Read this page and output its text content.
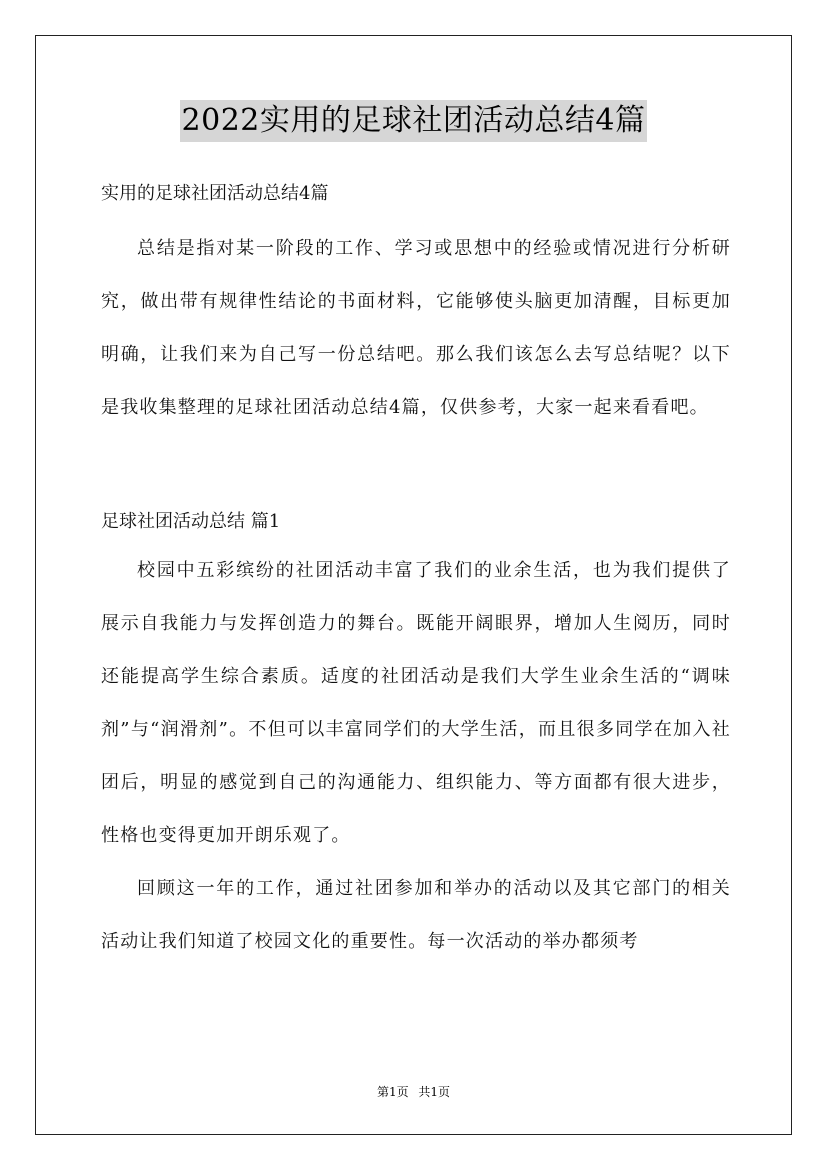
2022实用的足球社团活动总结4篇

实用的足球社团活动总结4篇

总结是指对某一阶段的工作、学习或思想中的经验或情况进行分析研究，做出带有规律性结论的书面材料，它能够使头脑更加清醒，目标更加明确，让我们来为自己写一份总结吧。那么我们该怎么去写总结呢？以下是我收集整理的足球社团活动总结4篇，仅供参考，大家一起来看看吧。

足球社团活动总结 篇1

校园中五彩缤纷的社团活动丰富了我们的业余生活，也为我们提供了展示自我能力与发挥创造力的舞台。既能开阔眼界，增加人生阅历，同时还能提高学生综合素质。适度的社团活动是我们大学生业余生活的“调味剂”与“润滑剂”。不但可以丰富同学们的大学生活，而且很多同学在加入社团后，明显的感觉到自己的沟通能力、组织能力、等方面都有很大进步，性格也变得更加开朗乐观了。

回顾这一年的工作，通过社团参加和举办的活动以及其它部门的相关活动让我们知道了校园文化的重要性。每一次活动的举办都须考

第1页 共1页
